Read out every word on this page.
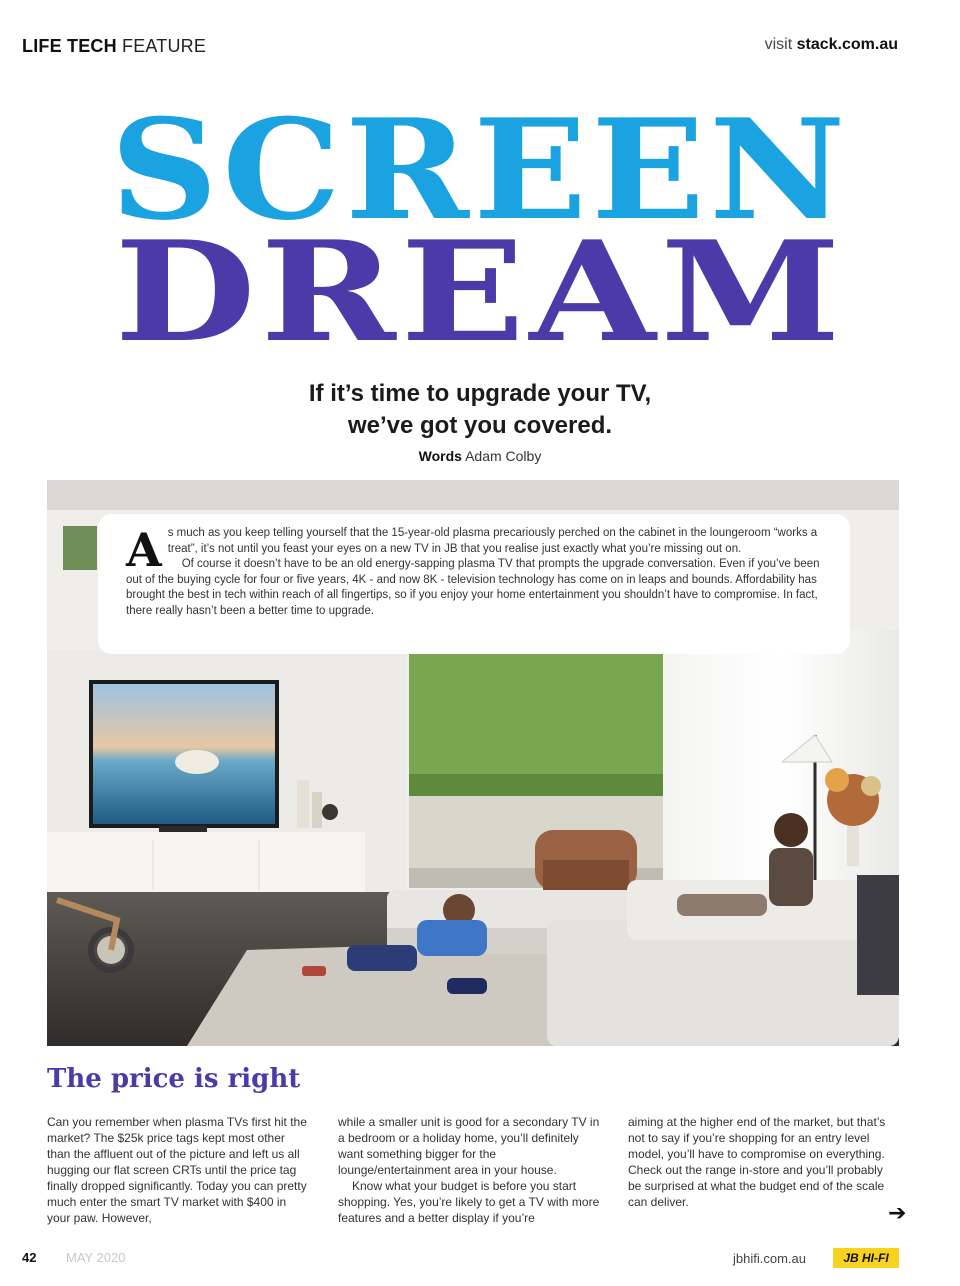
LIFE TECH FEATURE	visit stack.com.au
SCREEN
DREAM
If it’s time to upgrade your TV,
we’ve got you covered.
Words Adam Colby
A s much as you keep telling yourself that the 15-year-old plasma precariously perched on the cabinet in the loungeroom “works a treat”, it’s not until you feast your eyes on a new TV in JB that you realise just exactly what you’re missing out on.

Of course it doesn’t have to be an old energy-sapping plasma TV that prompts the upgrade conversation. Even if you’ve been out of the buying cycle for four or five years, 4K - and now 8K - television technology has come on in leaps and bounds. Affordability has brought the best in tech within reach of all fingertips, so if you enjoy your home entertainment you shouldn’t have to compromise. In fact, there really hasn’t been a better time to upgrade.

The price is right

Can you remember when plasma TVs first hit the market? The $25k price tags kept most other than the affluent out of the picture and left us all hugging our flat screen CRTs until the price tag finally dropped significantly. Today you can pretty much enter the smart TV market with $400 in your paw. However,

while a smaller unit is good for a secondary TV in a bedroom or a holiday home, you’ll definitely want something bigger for the lounge/entertainment area in your house.

Know what your budget is before you start shopping. Yes, you’re likely to get a TV with more features and a better display if you’re

aiming at the higher end of the market, but that’s not to say if you’re shopping for an entry level model, you’ll have to compromise on everything. Check out the range in-store and you’ll probably be surprised at what the budget end of the scale can deliver.	➔
42 MAY 2020	jbhifi.com.au	JB HI-FI
